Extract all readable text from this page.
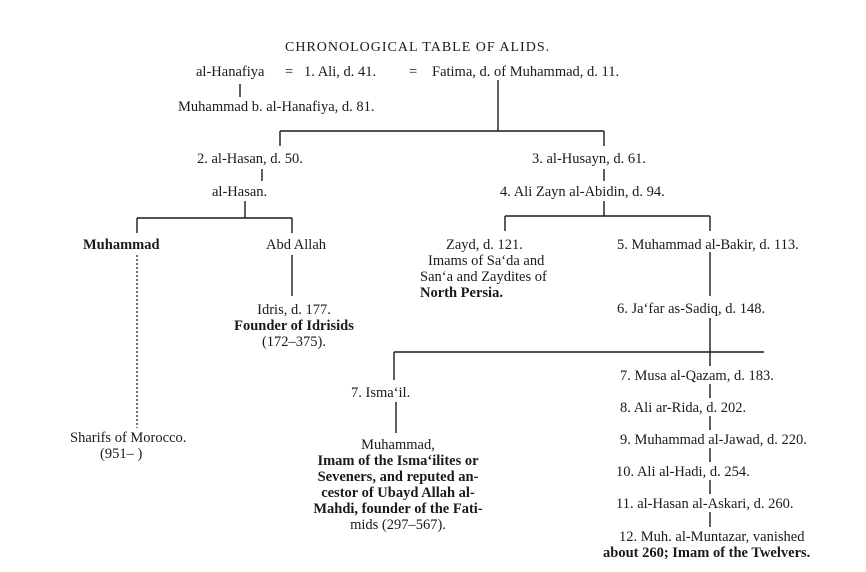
CHRONOLOGICAL TABLE OF ALIDS.
al-Hanafiya = 1. Ali, d. 41. = Fatima, d. of Muhammad, d. 11.
Muhammad b. al-Hanafiya, d. 81.
2. al-Hasan, d. 50.
al-Hasan.
Muhammad	Abd Allah
Idris, d. 177.
Founder of Idrisids
(172–375).
Sharifs of Morocco.
(951– )
3. al-Husayn, d. 61.
4. Ali Zayn al-Abidin, d. 94.
Zayd, d. 121.
Imams of Sa‘da and
San‘a and Zaydites of
North Persia.
5. Muhammad al-Bakir, d. 113.
6. Ja‘far as-Sadiq, d. 148.
7. Isma‘il.
Muhammad,
Imam of the Isma‘ilites or
Seveners, and reputed an-
cestor of Ubayd Allah al-
Mahdi, founder of the Fati-
mids (297–567).
7. Musa al-Qazam, d. 183.
8. Ali ar-Rida, d. 202.
9. Muhammad al-Jawad, d. 220.
10. Ali al-Hadi, d. 254.
11. al-Hasan al-Askari, d. 260.
12. Muh. al-Muntazar, vanished
about 260; Imam of the Twelvers.
